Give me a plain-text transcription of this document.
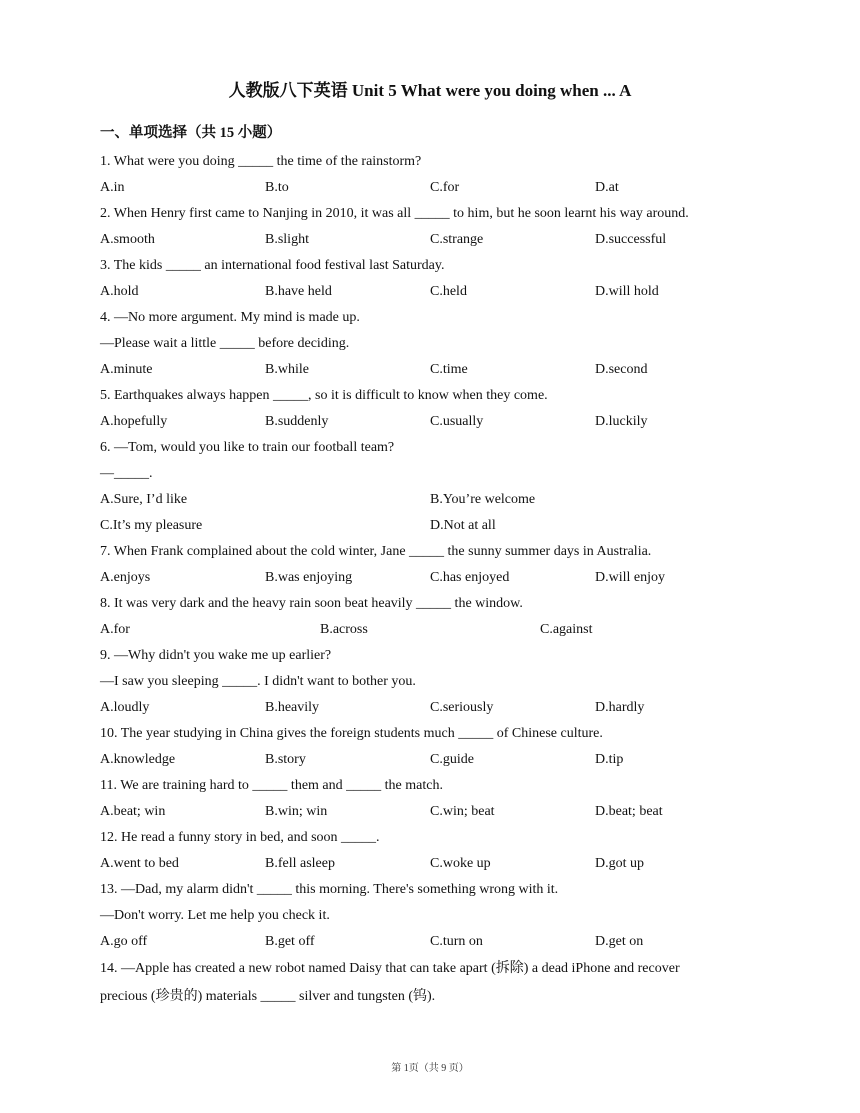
人教版八下英语 Unit 5 What were you doing when ... A
一、单项选择（共 15 小题）
1. What were you doing _____ the time of the rainstorm?
A.in	B.to	C.for	D.at
2. When Henry first came to Nanjing in 2010, it was all _____ to him, but he soon learnt his way around.
A.smooth	B.slight	C.strange	D.successful
3. The kids _____ an international food festival last Saturday.
A.hold	B.have held	C.held	D.will hold
4. —No more argument. My mind is made up.
—Please wait a little _____ before deciding.
A.minute	B.while	C.time	D.second
5. Earthquakes always happen _____, so it is difficult to know when they come.
A.hopefully	B.suddenly	C.usually	D.luckily
6. —Tom, would you like to train our football team?
—_____.
A.Sure, I’d like	B.You’re welcome
C.It’s my pleasure	D.Not at all
7. When Frank complained about the cold winter, Jane _____ the sunny summer days in Australia.
A.enjoys	B.was enjoying	C.has enjoyed	D.will enjoy
8. It was very dark and the heavy rain soon beat heavily _____ the window.
A.for	B.across	C.against
9. —Why didn't you wake me up earlier?
—I saw you sleeping _____. I didn't want to bother you.
A.loudly	B.heavily	C.seriously	D.hardly
10. The year studying in China gives the foreign students much _____ of Chinese culture.
A.knowledge	B.story	C.guide	D.tip
11. We are training hard to _____ them and _____ the match.
A.beat; win	B.win; win	C.win; beat	D.beat; beat
12. He read a funny story in bed, and soon _____.
A.went to bed	B.fell asleep	C.woke up	D.got up
13. —Dad, my alarm didn't _____ this morning. There's something wrong with it.
—Don't worry. Let me help you check it.
A.go off	B.get off	C.turn on	D.get on
14. —Apple has created a new robot named Daisy that can take apart (拆除) a dead iPhone and recover
precious (珍贵的) materials _____ silver and tungsten (钨).
第 1页（共 9 页）
